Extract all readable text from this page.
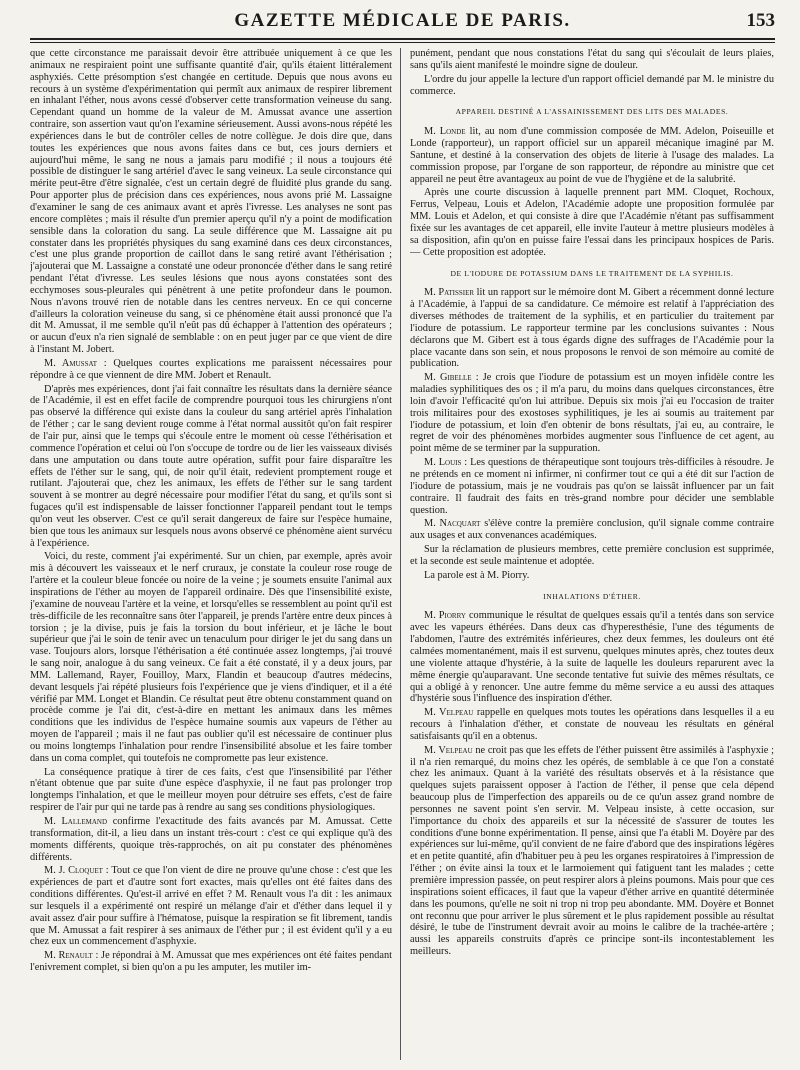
GAZETTE MÉDICALE DE PARIS.	153

que cette circonstance me paraissait devoir être attribuée uniquement à ce que les animaux ne respiraient point une suffisante quantité d'air, qu'ils étaient littéralement asphyxiés. Cette présomption s'est changée en certitude. Depuis que nous avons eu recours à un système d'expérimentation qui permît aux animaux de respirer librement en inhalant l'éther, nous avons cessé d'observer cette transformation veineuse du sang. Cependant quand un homme de la valeur de M. Amussat avance une assertion contraire, son assertion vaut qu'on l'examine sérieusement. Aussi avons-nous répété les expériences dans le but de contrôler celles de notre collègue. Je dois dire que, dans toutes les expériences que nous avons faites dans ce but, ces jours derniers et aujourd'hui même, le sang ne nous a jamais paru modifié ; il nous a toujours été possible de distinguer le sang artériel d'avec le sang veineux. La seule circonstance qui mérite peut-être d'être signalée, c'est un certain degré de fluidité plus grande du sang. Pour apporter plus de précision dans ces expériences, nous avons prié M. Lassaigne d'examiner le sang de ces animaux avant et après l'ivresse. Les analyses ne sont pas encore complètes ; mais il résulte d'un premier aperçu qu'il n'y a point de modification sensible dans la coloration du sang. La seule différence que M. Lassaigne ait pu constater dans les propriétés physiques du sang examiné dans ces deux circonstances, c'est une plus grande proportion de caillot dans le sang retiré avant l'éthérisation ; j'ajouterai que M. Lassaigne a constaté une odeur prononcée d'éther dans le sang retiré pendant l'état d'ivresse. Les seules lésions que nous ayons constatées sont des ecchymoses sous-pleurales qui pénètrent à une petite profondeur dans le poumon. Nous n'avons trouvé rien de notable dans les centres nerveux. En ce qui concerne d'ailleurs la coloration veineuse du sang, si ce phénomène était aussi prononcé que l'a dit M. Amussat, il me semble qu'il n'eût pas dû échapper à l'attention des opérateurs ; or aucun d'eux n'a rien signalé de semblable : on en peut juger par ce que vient de dire à l'instant M. Jobert.

M. Amussat : Quelques courtes explications me paraissent nécessaires pour répondre à ce que viennent de dire MM. Jobert et Renault.

D'après mes expériences, dont j'ai fait connaître les résultats dans la dernière séance de l'Académie, il est en effet facile de comprendre pourquoi tous les chirurgiens n'ont pas observé la différence qui existe dans la couleur du sang artériel après l'inhalation de l'éther ; car le sang devient rouge comme à l'état normal aussitôt qu'on fait respirer de l'air pur, ainsi que le temps qui s'écoule entre le moment où cesse l'éthérisation et commence l'opération et celui où l'on s'occupe de tordre ou de lier les vaisseaux divisés dans une amputation ou dans toute autre opération, suffit pour faire disparaître les effets de l'éther sur le sang, qui, de noir qu'il était, redevient promptement rouge et rutilant. J'ajouterai que, chez les animaux, les effets de l'éther sur le sang tardent souvent à se montrer au degré nécessaire pour modifier l'état du sang, et qu'ils sont si fugaces qu'il est indispensable de laisser fonctionner l'appareil pendant tout le temps qu'on veut les observer. C'est ce qu'il serait dangereux de faire sur l'espèce humaine, bien que tous les animaux sur lesquels nous avons observé ce phénomène aient survécu à l'expérience.

Voici, du reste, comment j'ai expérimenté. Sur un chien, par exemple, après avoir mis à découvert les vaisseaux et le nerf cruraux, je constate la couleur rose rouge de l'artère et la couleur bleue foncée ou noire de la veine ; je soumets ensuite l'animal aux inspirations de l'éther au moyen de l'appareil ordinaire. Dès que l'insensibilité existe, j'examine de nouveau l'artère et la veine, et lorsqu'elles se ressemblent au point qu'il est très-difficile de les reconnaître sans ôter l'appareil, je prends l'artère entre deux pinces à torsion ; je la divise, puis je fais la torsion du bout inférieur, et je lâche le bout supérieur que j'ai le soin de tenir avec un tenaculum pour diriger le jet du sang dans un vase. Toujours alors, lorsque l'éthérisation a été continuée assez longtemps, j'ai trouvé le sang noir, analogue à du sang veineux. Ce fait a été constaté, il y a deux jours, par MM. Lallemand, Rayer, Fouilloy, Marx, Flandin et beaucoup d'autres médecins, devant lesquels j'ai répété plusieurs fois l'expérience que je viens d'indiquer, et il a été vérifié par MM. Longet et Blandin. Ce résultat peut être obtenu constamment quand on procède comme je l'ai dit, c'est-à-dire en mettant les animaux dans les mêmes conditions que les individus de l'espèce humaine soumis aux vapeurs de l'éther au moyen de l'appareil ; mais il ne faut pas oublier qu'il est nécessaire de continuer plus ou moins longtemps l'inhalation pour rendre l'insensibilité absolue et les faire tomber dans un coma complet, qui toutefois ne compromette pas leur existence.

La conséquence pratique à tirer de ces faits, c'est que l'insensibilité par l'éther n'étant obtenue que par suite d'une espèce d'asphyxie, il ne faut pas prolonger trop longtemps l'inhalation, et que le meilleur moyen pour détruire ses effets, c'est de faire respirer de l'air pur qui ne tarde pas à rendre au sang ses conditions physiologiques.

M. Lallemand confirme l'exactitude des faits avancés par M. Amussat. Cette transformation, dit-il, a lieu dans un instant très-court : c'est ce qui explique qu'à des moments différents, quoique très-rapprochés, on ait pu constater des phénomènes différents.

M. J. Cloquet : Tout ce que l'on vient de dire ne prouve qu'une chose : c'est que les expériences de part et d'autre sont fort exactes, mais qu'elles ont été faites dans des conditions différentes. Qu'est-il arrivé en effet ? M. Renault vous l'a dit : les animaux sur lesquels il a expérimenté ont respiré un mélange d'air et d'éther dans lequel il y avait assez d'air pour suffire à l'hématose, puisque la respiration se fit librement, tandis que M. Amussat a fait respirer à ses animaux de l'éther pur ; il est évident qu'il y a eu chez eux un commencement d'asphyxie.

M. Renault : Je répondrai à M. Amussat que mes expériences ont été faites pendant l'enivrement complet, si bien qu'on a pu les amputer, les mutiler im-

punément, pendant que nous constations l'état du sang qui s'écoulait de leurs plaies, sans qu'ils aient manifesté le moindre signe de douleur.

L'ordre du jour appelle la lecture d'un rapport officiel demandé par M. le ministre du commerce.

APPAREIL DESTINÉ A L'ASSAINISSEMENT DES LITS DES MALADES.

M. Londe lit, au nom d'une commission composée de MM. Adelon, Poiseuille et Londe (rapporteur), un rapport officiel sur un appareil mécanique imaginé par M. Santune, et destiné à la conservation des objets de literie à l'usage des malades. La commission propose, par l'organe de son rapporteur, de répondre au ministre que cet appareil ne peut être avantageux au point de vue de l'hygiène et de la salubrité.

Après une courte discussion à laquelle prennent part MM. Cloquet, Rochoux, Ferrus, Velpeau, Louis et Adelon, l'Académie adopte une proposition formulée par MM. Louis et Adelon, et qui consiste à dire que l'Académie n'étant pas suffisamment fixée sur les avantages de cet appareil, elle invite l'auteur à mettre plusieurs modèles à sa disposition, afin qu'on en puisse faire l'essai dans les principaux hospices de Paris. — Cette proposition est adoptée.

DE L'IODURE DE POTASSIUM DANS LE TRAITEMENT DE LA SYPHILIS.

M. Patissier lit un rapport sur le mémoire dont M. Gibert a récemment donné lecture à l'Académie, à l'appui de sa candidature. Ce mémoire est relatif à l'appréciation des diverses méthodes de traitement de la syphilis, et en particulier du traitement par l'iodure de potassium. Le rapporteur termine par les conclusions suivantes : Nous déclarons que M. Gibert est à tous égards digne des suffrages de l'Académie pour la place vacante dans son sein, et nous proposons le renvoi de son mémoire au comité de publication.

M. Gibelle : Je crois que l'iodure de potassium est un moyen infidèle contre les maladies syphilitiques des os ; il m'a paru, du moins dans quelques circonstances, être loin d'avoir l'efficacité qu'on lui attribue. Depuis six mois j'ai eu l'occasion de traiter trois militaires pour des exostoses syphilitiques, je les ai soumis au traitement par l'iodure de potassium, et loin d'en obtenir de bons résultats, j'ai eu, au contraire, le regret de voir des phénomènes morbides augmenter sous l'influence de cet agent, au point même de se terminer par la suppuration.

M. Louis : Les questions de thérapeutique sont toujours très-difficiles à résoudre. Je ne prétends en ce moment ni infirmer, ni confirmer tout ce qui a été dit sur l'action de l'iodure de potassium, mais je ne voudrais pas qu'on se laissât influencer par un fait contraire. Il faudrait des faits en très-grand nombre pour décider une semblable question.

M. Nacquart s'élève contre la première conclusion, qu'il signale comme contraire aux usages et aux convenances académiques.

Sur la réclamation de plusieurs membres, cette première conclusion est supprimée, et la seconde est seule maintenue et adoptée.

La parole est à M. Piorry.

INHALATIONS D'ÉTHER.

M. Piorry communique le résultat de quelques essais qu'il a tentés dans son service avec les vapeurs éthérées. Dans deux cas d'hyperesthésie, l'une des téguments de l'abdomen, l'autre des extrémités inférieures, chez deux femmes, les douleurs ont été calmées momentanément, mais il est survenu, quelques minutes après, chez toutes deux une violente attaque d'hystérie, à la suite de laquelle les douleurs reparurent avec la même énergie qu'auparavant. Une seconde tentative fut suivie des mêmes résultats, ce qui a obligé à y renoncer. Une autre femme du même service a eu aussi des attaques d'hystérie sous l'influence des inspiration d'éther.

M. Velpeau rappelle en quelques mots toutes les opérations dans lesquelles il a eu recours à l'inhalation d'éther, et constate de nouveau les résultats en général satisfaisants qu'il en a obtenus.

M. Velpeau ne croit pas que les effets de l'éther puissent être assimilés à l'asphyxie ; il n'a rien remarqué, du moins chez les opérés, de semblable à ce que l'on a constaté chez les animaux. Quant à la variété des résultats observés et à la résistance que quelques sujets paraissent opposer à l'action de l'éther, il pense que cela dépend beaucoup plus de l'imperfection des appareils ou de ce qu'un assez grand nombre de personnes ne savent point s'en servir. M. Velpeau insiste, à cette occasion, sur l'importance du choix des appareils et sur la nécessité de s'assurer de toutes les conditions d'une bonne expérimentation. Il pense, ainsi que l'a établi M. Doyère par des expériences sur lui-même, qu'il convient de ne faire d'abord que des inspirations légères et en petite quantité, afin d'habituer peu à peu les organes respiratoires à l'impression de l'éther ; on évite ainsi la toux et le larmoiement qui fatiguent tant les malades ; cette première impression passée, on peut respirer alors à pleins poumons. Mais pour que ces inspirations soient efficaces, il faut que la vapeur d'éther arrive en quantité déterminée dans les poumons, qu'elle ne soit ni trop ni trop peu abondante. MM. Doyère et Bonnet ont reconnu que pour arriver le plus sûrement et le plus rapidement possible au résultat désiré, le tube de l'instrument devrait avoir au moins le calibre de la trachée-artère ; aussi les appareils construits d'après ce principe sont-ils incontestablement les meilleurs.
